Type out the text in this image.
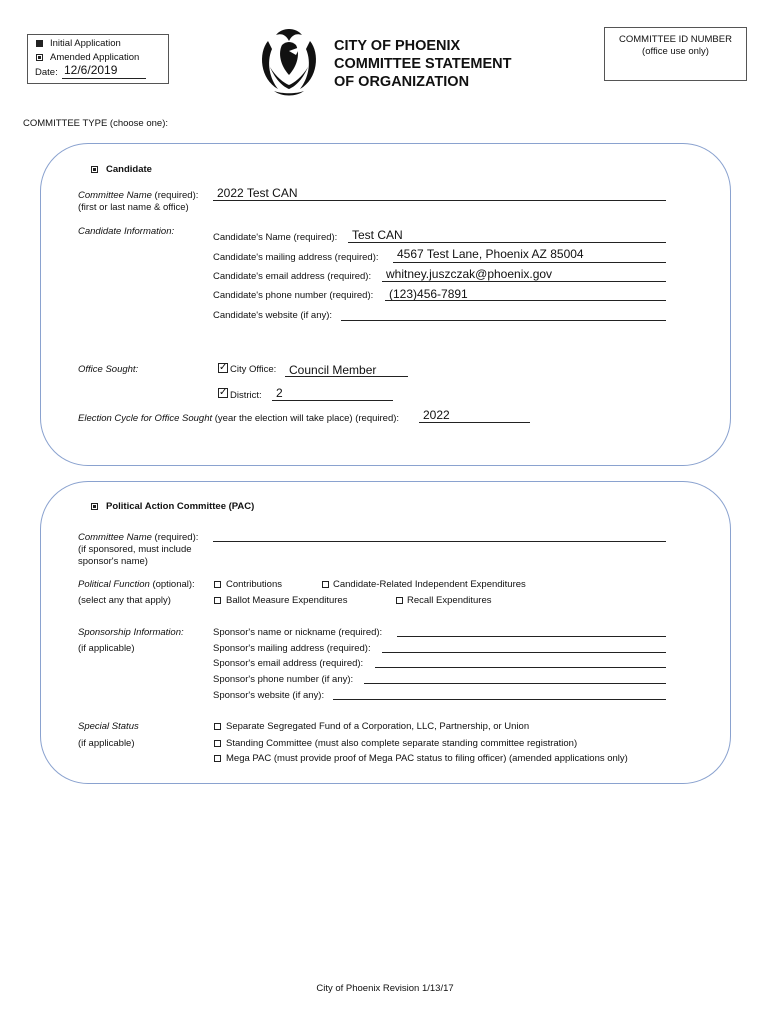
Initial Application
Amended Application
Date: 12/6/2019
CITY OF PHOENIX
COMMITTEE STATEMENT
OF ORGANIZATION
COMMITTEE ID NUMBER
(office use only)
COMMITTEE TYPE (choose one):
Candidate
Committee Name (required):
(first or last name & office)
2022 Test CAN
Candidate Information:
Candidate's Name (required): Test CAN
Candidate's mailing address (required): 4567 Test Lane, Phoenix AZ 85004
Candidate's email address (required): whitney.juszczak@phoenix.gov
Candidate's phone number (required): (123)456-7891
Candidate's website (if any):
Office Sought:	✓ City Office: Council Member
✓ District: 2
Election Cycle for Office Sought (year the election will take place) (required): 2022
Political Action Committee (PAC)
Committee Name (required):
(if sponsored, must include
sponsor's name)
Political Function (optional):
(select any that apply)
Contributions	Candidate-Related Independent Expenditures
Ballot Measure Expenditures	Recall Expenditures
Sponsorship Information:
(if applicable)
Sponsor's name or nickname (required):
Sponsor's mailing address (required):
Sponsor's email address (required):
Sponsor's phone number (if any):
Sponsor's website (if any):
Special Status
(if applicable)
Separate Segregated Fund of a Corporation, LLC, Partnership, or Union
Standing Committee (must also complete separate standing committee registration)
Mega PAC (must provide proof of Mega PAC status to filing officer) (amended applications only)
City of Phoenix Revision 1/13/17
